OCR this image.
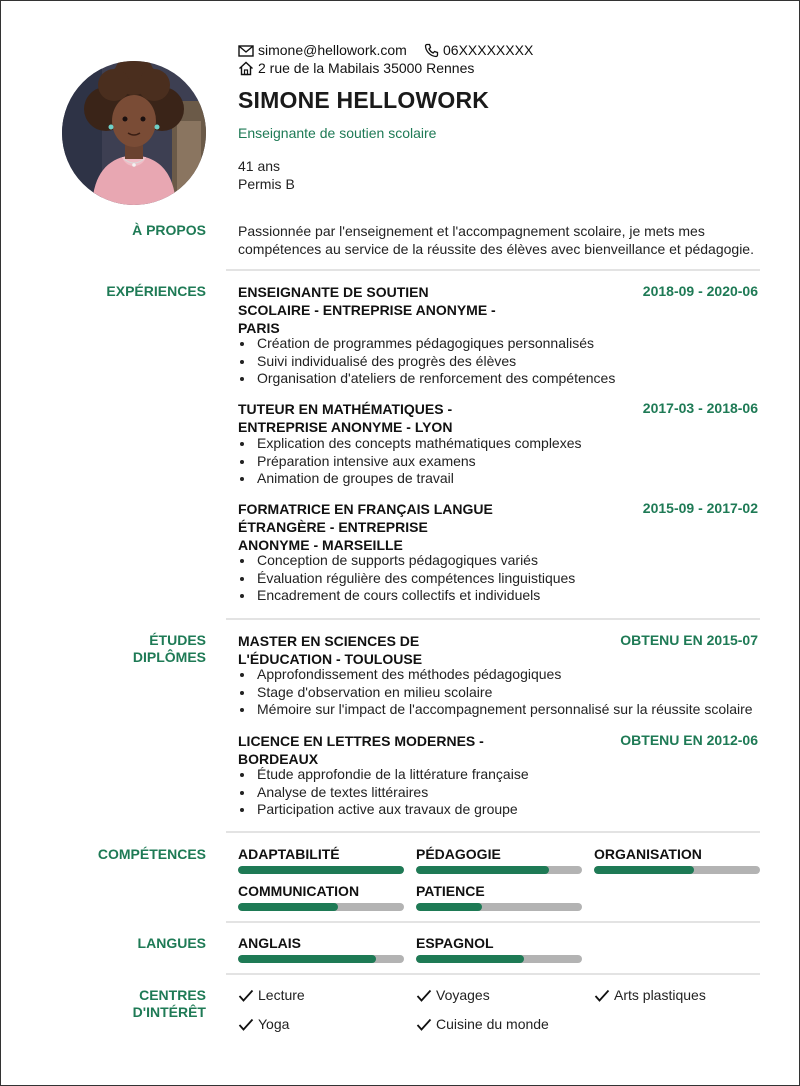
simone@hellowork.com	06XXXXXXXX
2 rue de la Mabilais 35000 Rennes
SIMONE HELLOWORK
Enseignante de soutien scolaire
41 ans
Permis B
À PROPOS Passionnée par l'enseignement et l'accompagnement scolaire, je mets mes compétences au service de la réussite des élèves avec bienveillance et pédagogie.
EXPÉRIENCES ENSEIGNANTE DE SOUTIEN
SCOLAIRE - ENTREPRISE ANONYME -
PARIS
2018-09 - 2020-06
Création de programmes pédagogiques personnalisés
Suivi individualisé des progrès des élèves
Organisation d'ateliers de renforcement des compétences
TUTEUR EN MATHÉMATIQUES -
ENTREPRISE ANONYME - LYON
2017-03 - 2018-06
Explication des concepts mathématiques complexes
Préparation intensive aux examens
Animation de groupes de travail
FORMATRICE EN FRANÇAIS LANGUE
ÉTRANGÈRE - ENTREPRISE
ANONYME - MARSEILLE
2015-09 - 2017-02
Conception de supports pédagogiques variés
Évaluation régulière des compétences linguistiques
Encadrement de cours collectifs et individuels
ÉTUDES
DIPLÔMES
MASTER EN SCIENCES DE
L'ÉDUCATION - TOULOUSE
OBTENU EN 2015-07
Approfondissement des méthodes pédagogiques
Stage d'observation en milieu scolaire
Mémoire sur l'impact de l'accompagnement personnalisé sur la réussite scolaire
LICENCE EN LETTRES MODERNES -
BORDEAUX
OBTENU EN 2012-06
Étude approfondie de la littérature française
Analyse de textes littéraires
Participation active aux travaux de groupe
COMPÉTENCES ADAPTABILITÉ	PÉDAGOGIE	ORGANISATION
COMMUNICATION	PATIENCE
LANGUES ANGLAIS	ESPAGNOL
CENTRES
D'INTÉRÊT
Lecture	Voyages	Arts plastiques
Yoga	Cuisine du monde
